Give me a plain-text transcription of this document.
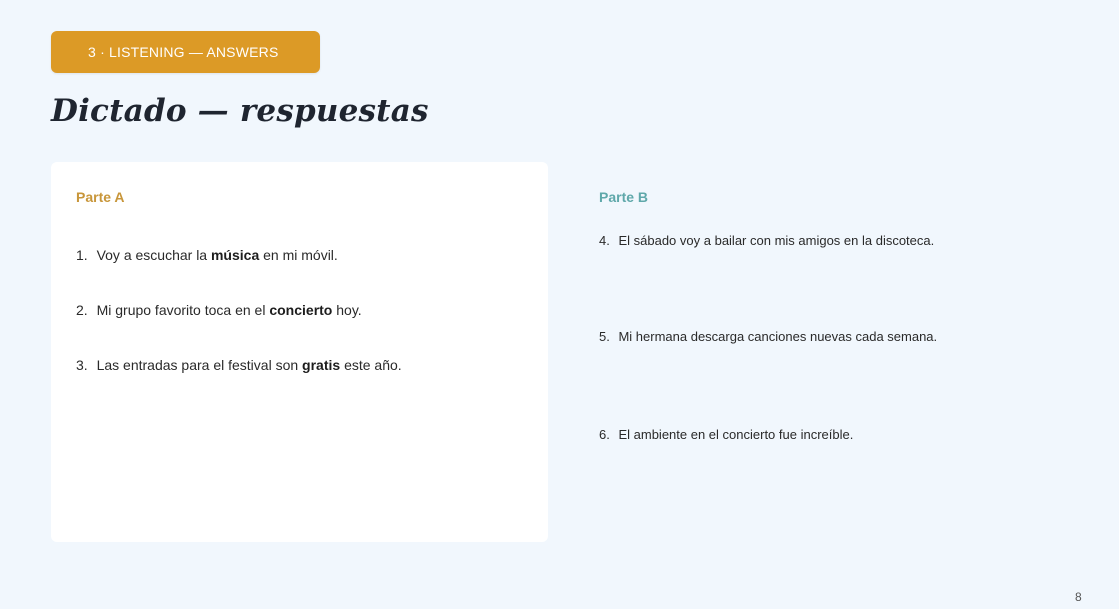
3 · LISTENING — ANSWERS
Dictado — respuestas
Parte A
1. Voy a escuchar la música en mi móvil.
2. Mi grupo favorito toca en el concierto hoy.
3. Las entradas para el festival son gratis este año.
Parte B
4. El sábado voy a bailar con mis amigos en la discoteca.
5. Mi hermana descarga canciones nuevas cada semana.
6. El ambiente en el concierto fue increíble.
8
